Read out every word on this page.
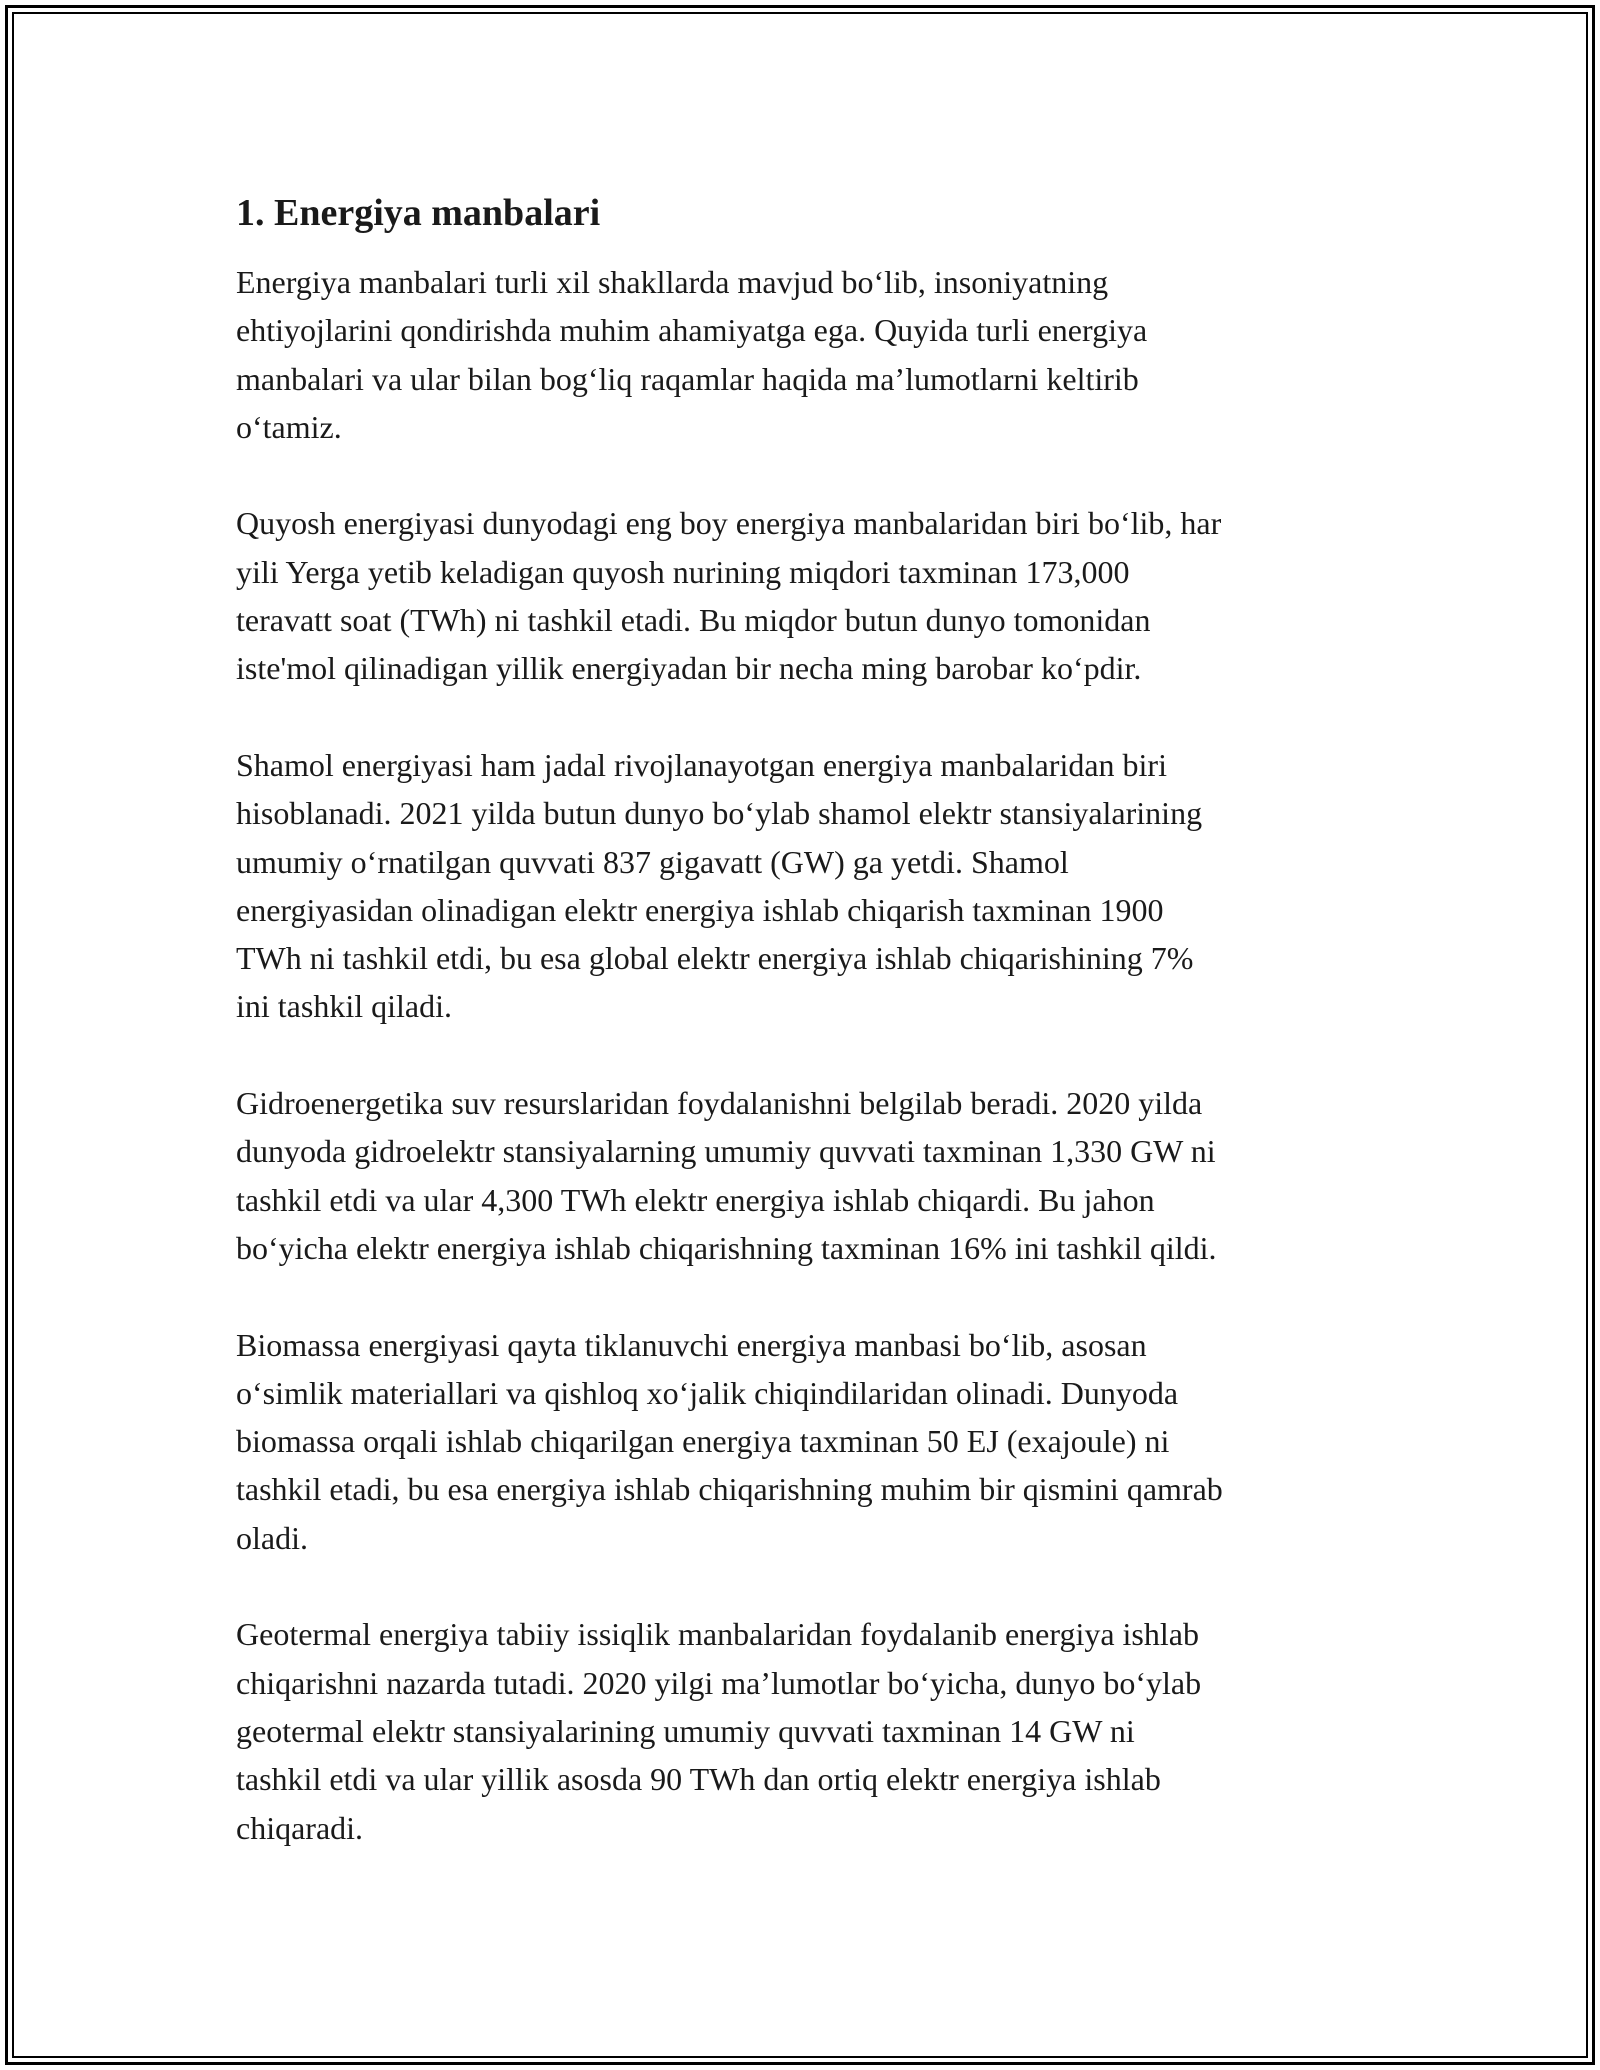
1. Energiya manbalari

Energiya manbalari turli xil shakllarda mavjud bo‘lib, insoniyatning
ehtiyojlarini qondirishda muhim ahamiyatga ega. Quyida turli energiya
manbalari va ular bilan bog‘liq raqamlar haqida ma’lumotlarni keltirib
o‘tamiz.

Quyosh energiyasi dunyodagi eng boy energiya manbalaridan biri bo‘lib, har
yili Yerga yetib keladigan quyosh nurining miqdori taxminan 173,000
teravatt soat (TWh) ni tashkil etadi. Bu miqdor butun dunyo tomonidan
iste'mol qilinadigan yillik energiyadan bir necha ming barobar ko‘pdir.

Shamol energiyasi ham jadal rivojlanayotgan energiya manbalaridan biri
hisoblanadi. 2021 yilda butun dunyo bo‘ylab shamol elektr stansiyalarining
umumiy o‘rnatilgan quvvati 837 gigavatt (GW) ga yetdi. Shamol
energiyasidan olinadigan elektr energiya ishlab chiqarish taxminan 1900
TWh ni tashkil etdi, bu esa global elektr energiya ishlab chiqarishining 7%
ini tashkil qiladi.

Gidroenergetika suv resurslaridan foydalanishni belgilab beradi. 2020 yilda
dunyoda gidroelektr stansiyalarning umumiy quvvati taxminan 1,330 GW ni
tashkil etdi va ular 4,300 TWh elektr energiya ishlab chiqardi. Bu jahon
bo‘yicha elektr energiya ishlab chiqarishning taxminan 16% ini tashkil qildi.

Biomassa energiyasi qayta tiklanuvchi energiya manbasi bo‘lib, asosan
o‘simlik materiallari va qishloq xo‘jalik chiqindilaridan olinadi. Dunyoda
biomassa orqali ishlab chiqarilgan energiya taxminan 50 EJ (exajoule) ni
tashkil etadi, bu esa energiya ishlab chiqarishning muhim bir qismini qamrab
oladi.

Geotermal energiya tabiiy issiqlik manbalaridan foydalanib energiya ishlab
chiqarishni nazarda tutadi. 2020 yilgi ma’lumotlar bo‘yicha, dunyo bo‘ylab
geotermal elektr stansiyalarining umumiy quvvati taxminan 14 GW ni
tashkil etdi va ular yillik asosda 90 TWh dan ortiq elektr energiya ishlab
chiqaradi.
